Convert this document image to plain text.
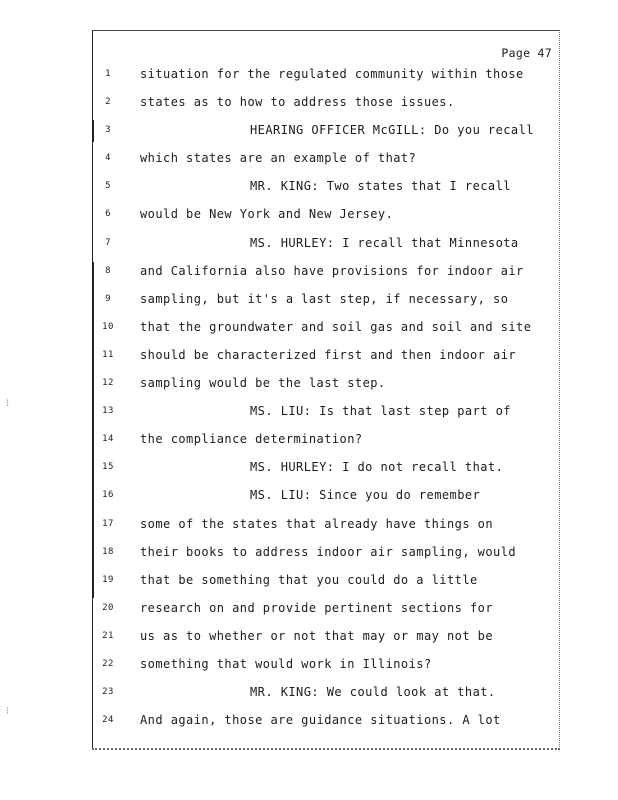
⁝
⁝
Page 47
1	situation for the regulated community within those
2	states as to how to address those issues.
3	HEARING OFFICER McGILL: Do you recall
4	which states are an example of that?
5	MR. KING: Two states that I recall
6	would be New York and New Jersey.
7	MS. HURLEY: I recall that Minnesota
8	and California also have provisions for indoor air
9	sampling, but it's a last step, if necessary, so
10 that the groundwater and soil gas and soil and site
11 should be characterized first and then indoor air
12 sampling would be the last step.
13	MS. LIU: Is that last step part of
14 the compliance determination?
15	MS. HURLEY: I do not recall that.
16	MS. LIU: Since you do remember
17 some of the states that already have things on
18 their books to address indoor air sampling, would
19 that be something that you could do a little
20 research on and provide pertinent sections for
21 us as to whether or not that may or may not be
22 something that would work in Illinois?
23	MR. KING: We could look at that.
24 And again, those are guidance situations. A lot
